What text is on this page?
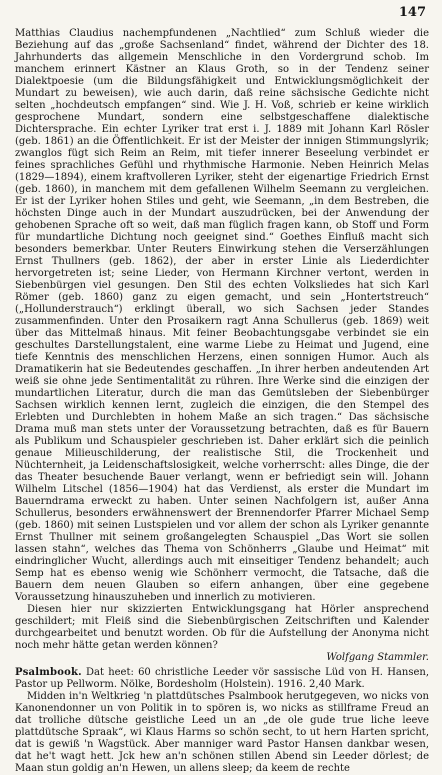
147

Matthias Claudius nachempfundenen „Nachtlied“ zum Schluß wieder die Beziehung auf das „große Sachsenland“ findet, während der Dichter des 18. Jahrhunderts das allgemein Menschliche in den Vordergrund schob. Im manchem erinnert Kästner an Klaus Groth, so in der Tendenz seiner Dialektpoesie (um die Bildungsfähigkeit und Entwicklungsmöglichkeit der Mundart zu beweisen), wie auch darin, daß reine sächsische Gedichte nicht selten „hochdeutsch empfangen“ sind. Wie J. H. Voß, schrieb er keine wirklich gesprochene Mundart, sondern eine selbstgeschaffene dialektische Dichtersprache. Ein echter Lyriker trat erst i. J. 1889 mit Johann Karl Rösler (geb. 1861) an die Öffentlichkeit. Er ist der Meister der innigen Stimmungslyrik; zwanglos fügt sich Reim an Reim, mit tiefer innerer Beseelung verbindet er feines sprachliches Gefühl und rhythmische Harmonie. Neben Heinrich Melas (1829—1894), einem kraftvolleren Lyriker, steht der eigenartige Friedrich Ernst (geb. 1860), in manchem mit dem gefallenen Wilhelm Seemann zu vergleichen. Er ist der Lyriker hohen Stiles und geht, wie Seemann, „in dem Bestreben, die höchsten Dinge auch in der Mundart auszudrücken, bei der Anwendung der gehobenen Sprache oft so weit, daß man füglich fragen kann, ob Stoff und Form für mundartliche Dichtung noch geeignet sind.“ Goethes Einfluß macht sich besonders bemerkbar. Unter Reuters Einwirkung stehen die Verserzählungen Ernst Thullners (geb. 1862), der aber in erster Linie als Liederdichter hervorgetreten ist; seine Lieder, von Hermann Kirchner vertont, werden in Siebenbürgen viel gesungen. Den Stil des echten Volksliedes hat sich Karl Römer (geb. 1860) ganz zu eigen gemacht, und sein „Hontertstreuch“ („Hollunderstrauch“) erklingt überall, wo sich Sachsen jeder Standes zusammenfinden. Unter den Prosaikern ragt Anna Schullerus (geb. 1869) weit über das Mittelmaß hinaus. Mit feiner Beobachtungsgabe verbindet sie ein geschultes Darstellungstalent, eine warme Liebe zu Heimat und Jugend, eine tiefe Kenntnis des menschlichen Herzens, einen sonnigen Humor. Auch als Dramatikerin hat sie Bedeutendes geschaffen. „In ihrer herben andeutenden Art weiß sie ohne jede Sentimentalität zu rühren. Ihre Werke sind die einzigen der mundartlichen Literatur, durch die man das Gemütsleben der Siebenbürger Sachsen wirklich kennen lernt, zugleich die einzigen, die den Stempel des Erlebten und Durchlebten in hohem Maße an sich tragen.“ Das sächsische Drama muß man stets unter der Voraussetzung betrachten, daß es für Bauern als Publikum und Schauspieler geschrieben ist. Daher erklärt sich die peinlich genaue Milieuschilderung, der realistische Stil, die Trockenheit und Nüchternheit, ja Leidenschaftslosigkeit, welche vorherrscht: alles Dinge, die der das Theater besuchende Bauer verlangt, wenn er befriedigt sein will. Johann Wilhelm Litschel (1856—1904) hat das Verdienst, als erster die Mundart im Bauerndrama erweckt zu haben. Unter seinen Nachfolgern ist, außer Anna Schullerus, besonders erwähnenswert der Brennendorfer Pfarrer Michael Semp (geb. 1860) mit seinen Lustspielen und vor allem der schon als Lyriker genannte Ernst Thullner mit seinem großangelegten Schauspiel „Das Wort sie sollen lassen stahn“, welches das Thema von Schönherrs „Glaube und Heimat“ mit eindringlicher Wucht, allerdings auch mit einseitiger Tendenz behandelt; auch Semp hat es ebenso wenig wie Schönherr vermocht, die Tatsache, daß die Bauern dem neuen Glauben so eifern anhangen, über eine gegebene Voraussetzung hinauszuheben und innerlich zu motivieren.

Diesen hier nur skizzierten Entwicklungsgang hat Hörler ansprechend geschildert; mit Fleiß sind die Siebenbürgischen Zeitschriften und Kalender durchgearbeitet und benutzt worden. Ob für die Aufstellung der Anonyma nicht noch mehr hätte getan werden können?

Wolfgang Stammler.

Psalmbook. Dat heet: 60 christliche Leeder vör sassische Lüd von H. Hansen, Pastor up Pellworm. Nölke, Bordesholm (Holstein). 1916. 2,40 Mark.

Midden in'n Weltkrieg 'n plattdütsches Psalmbook herutgegeven, wo nicks von Kanonendonner un von Politik in to spören is, wo nicks as stillframe Freud an dat trolliche dütsche geistliche Leed un an „de ole gude true liche leeve plattdütsche Spraak“, wi Klaus Harms so schön secht, to ut hern Harten spricht, dat is gewiß 'n Wagstück. Aber manniger ward Pastor Hansen dankbar wesen, dat he't wagt hett. Jck hew an'n schönen stillen Abend sin Leeder dörlest; de Maan stun goldig an'n Hewen, un allens sleep; da keem de rechte
